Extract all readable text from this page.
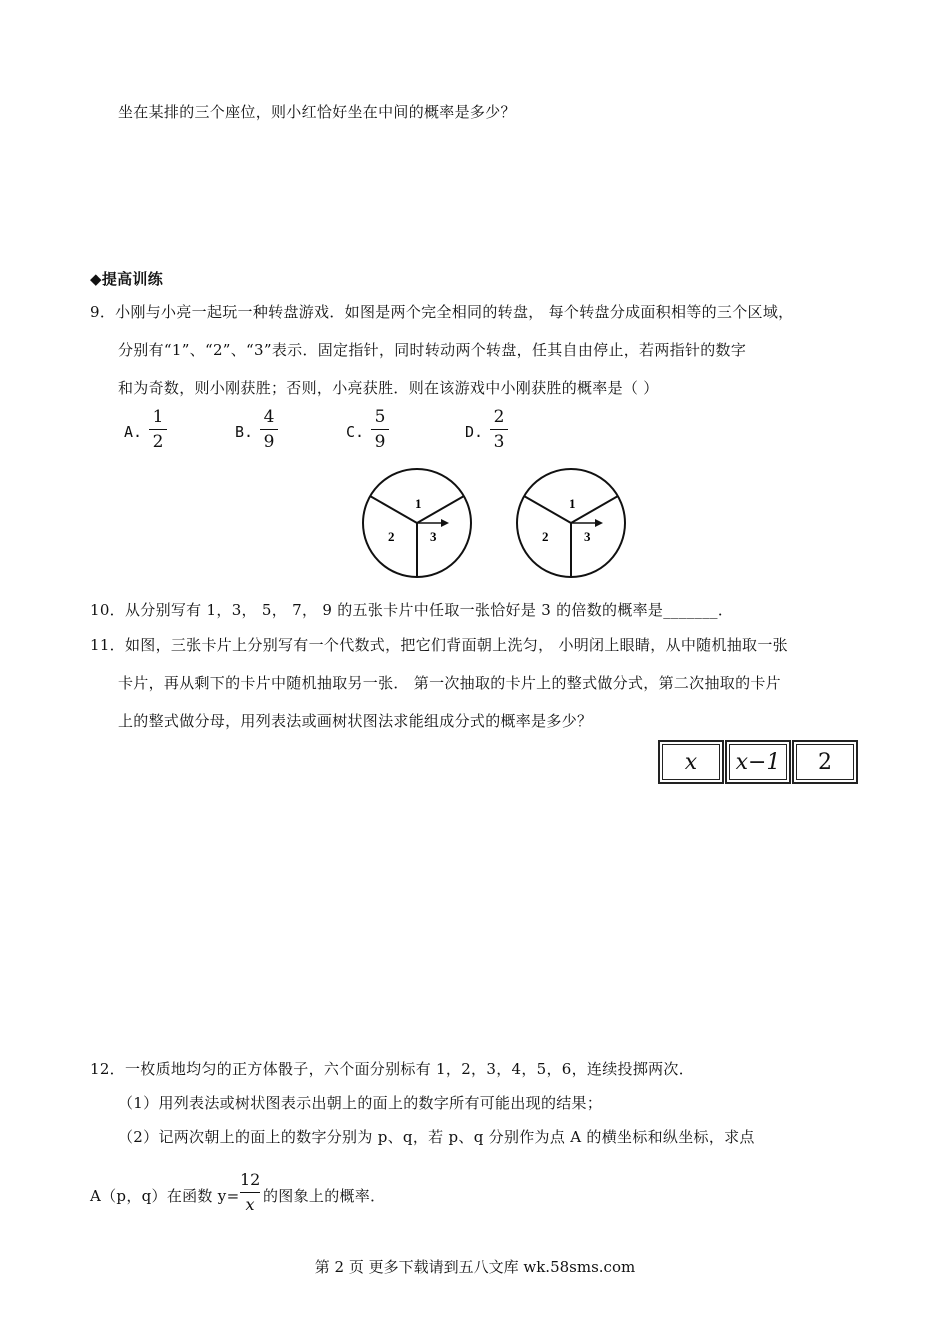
坐在某排的三个座位，则小红恰好坐在中间的概率是多少？
◆提高训练
9．小刚与小亮一起玩一种转盘游戏．如图是两个完全相同的转盘， 每个转盘分成面积相等的三个区域，
分别有“1”、“2”、“3”表示．固定指针，同时转动两个转盘，任其自由停止，若两指针的数字
和为奇数，则小刚获胜；否则，小亮获胜．则在该游戏中小刚获胜的概率是（ ）
A.
1
2	B.
4
9	C.
5
9	D.
2
3
1
2	3
1
2	3
10．从分别写有 1，3， 5， 7， 9 的五张卡片中任取一张恰好是 3 的倍数的概率是_______．
11．如图，三张卡片上分别写有一个代数式，把它们背面朝上洗匀， 小明闭上眼睛，从中随机抽取一张
卡片，再从剩下的卡片中随机抽取另一张． 第一次抽取的卡片上的整式做分式，第二次抽取的卡片
上的整式做分母，用列表法或画树状图法求能组成分式的概率是多少？
x x−1 2
12．一枚质地均匀的正方体骰子，六个面分别标有 1，2，3，4，5，6，连续投掷两次．
（1）用列表法或树状图表示出朝上的面上的数字所有可能出现的结果；
（2）记两次朝上的面上的数字分别为 p、q，若 p、q 分别作为点 A 的横坐标和纵坐标，求点
A（p，q）在函数 y=
12
x 的图象上的概率．
第 2 页 更多下载请到五八文库 wk.58sms.com
